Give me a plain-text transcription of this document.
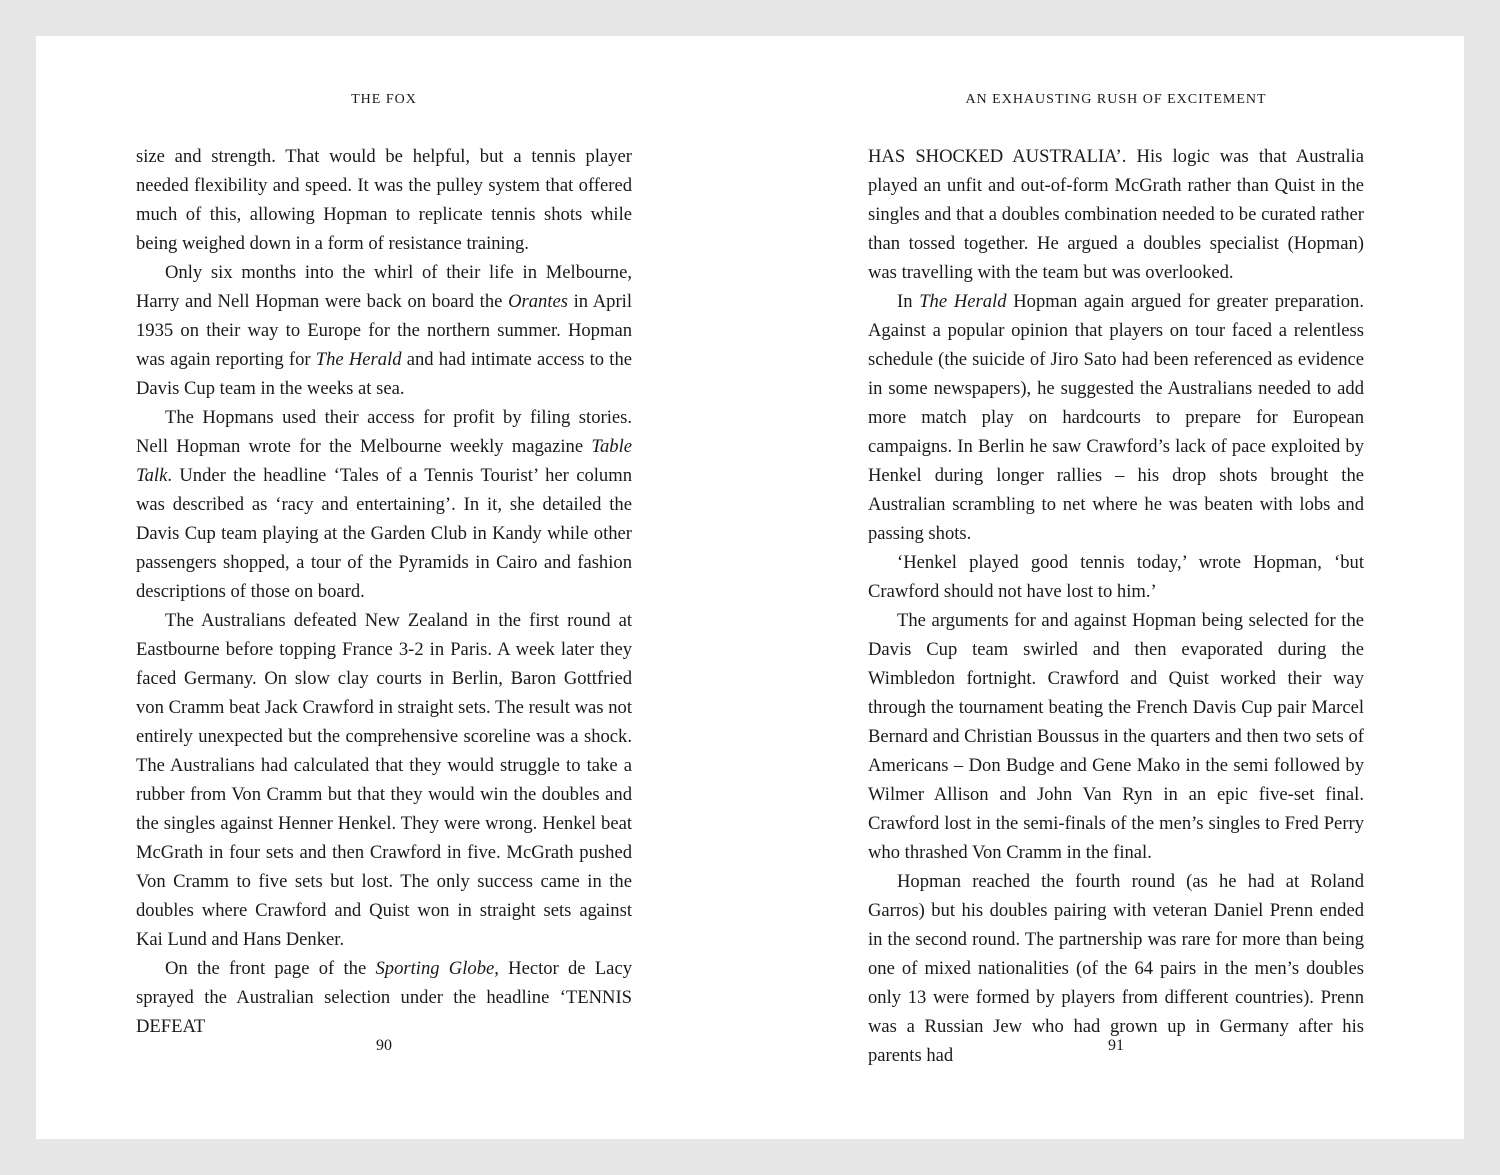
THE FOX

size and strength. That would be helpful, but a tennis player needed flexibility and speed. It was the pulley system that offered much of this, allowing Hopman to replicate tennis shots while being weighed down in a form of resistance training.

Only six months into the whirl of their life in Melbourne, Harry and Nell Hopman were back on board the Orantes in April 1935 on their way to Europe for the northern summer. Hopman was again reporting for The Herald and had intimate access to the Davis Cup team in the weeks at sea.

The Hopmans used their access for profit by filing stories. Nell Hopman wrote for the Melbourne weekly magazine Table Talk. Under the headline ‘Tales of a Tennis Tourist’ her column was described as ‘racy and entertaining’. In it, she detailed the Davis Cup team playing at the Garden Club in Kandy while other passengers shopped, a tour of the Pyramids in Cairo and fashion descriptions of those on board.

The Australians defeated New Zealand in the first round at Eastbourne before topping France 3-2 in Paris. A week later they faced Germany. On slow clay courts in Berlin, Baron Gottfried von Cramm beat Jack Crawford in straight sets. The result was not entirely unexpected but the comprehensive scoreline was a shock. The Australians had calculated that they would struggle to take a rubber from Von Cramm but that they would win the doubles and the singles against Henner Henkel. They were wrong. Henkel beat McGrath in four sets and then Crawford in five. McGrath pushed Von Cramm to five sets but lost. The only success came in the doubles where Crawford and Quist won in straight sets against Kai Lund and Hans Denker.

On the front page of the Sporting Globe, Hector de Lacy sprayed the Australian selection under the headline ‘TENNIS DEFEAT

90
AN EXHAUSTING RUSH OF EXCITEMENT

HAS SHOCKED AUSTRALIA’. His logic was that Australia played an unfit and out-of-form McGrath rather than Quist in the singles and that a doubles combination needed to be curated rather than tossed together. He argued a doubles specialist (Hopman) was travelling with the team but was overlooked.

In The Herald Hopman again argued for greater preparation. Against a popular opinion that players on tour faced a relentless schedule (the suicide of Jiro Sato had been referenced as evidence in some newspapers), he suggested the Australians needed to add more match play on hardcourts to prepare for European campaigns. In Berlin he saw Crawford’s lack of pace exploited by Henkel during longer rallies – his drop shots brought the Australian scrambling to net where he was beaten with lobs and passing shots.

‘Henkel played good tennis today,’ wrote Hopman, ‘but Crawford should not have lost to him.’

The arguments for and against Hopman being selected for the Davis Cup team swirled and then evaporated during the Wimbledon fortnight. Crawford and Quist worked their way through the tournament beating the French Davis Cup pair Marcel Bernard and Christian Boussus in the quarters and then two sets of Americans – Don Budge and Gene Mako in the semi followed by Wilmer Allison and John Van Ryn in an epic five-set final. Crawford lost in the semi-finals of the men’s singles to Fred Perry who thrashed Von Cramm in the final.

Hopman reached the fourth round (as he had at Roland Garros) but his doubles pairing with veteran Daniel Prenn ended in the second round. The partnership was rare for more than being one of mixed nationalities (of the 64 pairs in the men’s doubles only 13 were formed by players from different countries). Prenn was a Russian Jew who had grown up in Germany after his parents had	91
